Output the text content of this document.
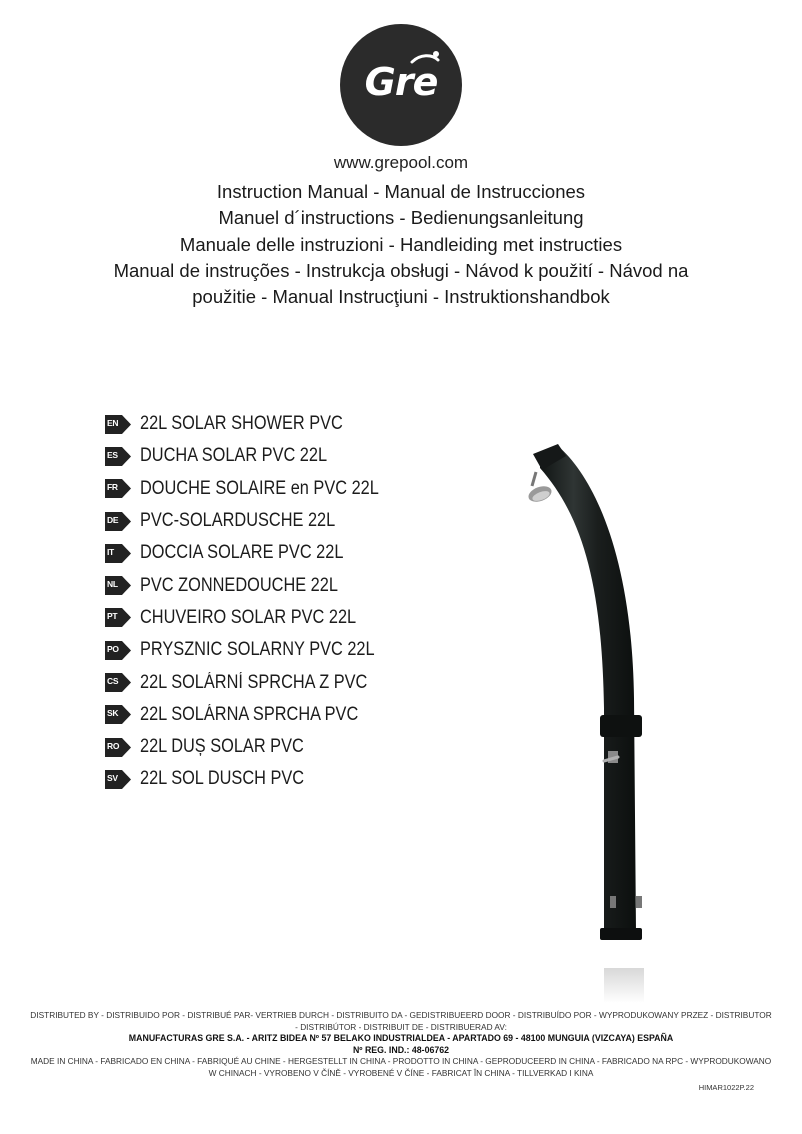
Gre
www.grepool.com
Instruction Manual - Manual de Instrucciones
Manuel d´instructions - Bedienungsanleitung
Manuale delle instruzioni - Handleiding met instructies
Manual de instruções - Instrukcja obsługi - Návod k použití - Návod na
použitie - Manual Instrucţiuni - Instruktionshandbok
EN 22L SOLAR SHOWER PVC
ES DUCHA SOLAR PVC 22L
FR DOUCHE SOLAIRE en PVC 22L
DE PVC-SOLARDUSCHE 22L
IT DOCCIA SOLARE PVC 22L
NL PVC ZONNEDOUCHE 22L
PT CHUVEIRO SOLAR PVC 22L
PO PRYSZNIC SOLARNY PVC 22L
CS 22L SOLÁRNÍ SPRCHA Z PVC
SK 22L SOLÁRNA SPRCHA PVC
RO 22L DUȘ SOLAR PVC
SV 22L SOL DUSCH PVC
DISTRIBUTED BY - DISTRIBUIDO POR - DISTRIBUÉ PAR- VERTRIEB DURCH - DISTRIBUITO DA - GEDISTRIBUEERD DOOR - DISTRIBUÍDO POR - WYPRODUKOWANY PRZEZ - DISTRIBUTOR - DISTRIBÚTOR - DISTRIBUIT DE - DISTRIBUERAD AV:
MANUFACTURAS GRE S.A. - ARITZ BIDEA Nº 57 BELAKO INDUSTRIALDEA - APARTADO 69 - 48100 MUNGUIA (VIZCAYA) ESPAÑA
Nº REG. IND.: 48-06762
MADE IN CHINA - FABRICADO EN CHINA - FABRIQUÉ AU CHINE - HERGESTELLT IN CHINA - PRODOTTO IN CHINA - GEPRODUCEERD IN CHINA - FABRICADO NA RPC - WYPRODUKOWANO W CHINACH - VYROBENO V ČÍNĚ - VYROBENÉ V ČÍNE - FABRICAT ÎN CHINA - TILLVERKAD I KINA
HIMAR1022P.22
